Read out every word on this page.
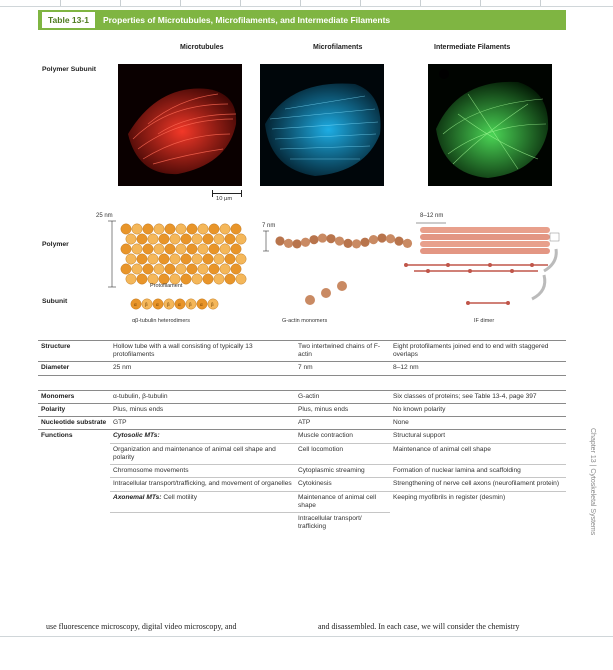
Table 13-1	Properties of Microtubules, Microfilaments, and Intermediate Filaments
Microtubules	Microfilaments	Intermediate Filaments
Polymer Subunit
10 µm
25 nm
Protofilament
α β α β α β α β
αβ-tubulin heterodimers
7 nm
G-actin monomers
8–12 nm
IF dimer
Polymer
Subunit
Structure	Hollow tube with a wall consisting of typically 13 protofilaments	Two intertwined chains of F-actin	Eight protofilaments joined end to end with staggered overlaps
Diameter	25 nm	7 nm	8–12 nm

Monomers	α-tubulin, β-tubulin	G-actin	Six classes of proteins; see Table 13-4, page 397
Polarity	Plus, minus ends	Plus, minus ends	No known polarity
Nucleotide substrate	GTP	ATP	None
Functions	Cytosolic MTs:	Muscle contraction	Structural support
	Organization and maintenance of animal cell shape and polarity	Cell locomotion	Maintenance of animal cell shape
	Chromosome movements	Cytoplasmic streaming	Formation of nuclear lamina and scaffolding
	Intracellular transport/trafficking, and movement of organelles	Cytokinesis	Strengthening of nerve cell axons (neurofilament protein)
	Axonemal MTs: Cell motility	Maintenance of animal cell shape	Keeping myofibrils in register (desmin)
		Intracellular transport/ trafficking		Chapter 13 | Cytoskeletal Systems
use fluorescence microscopy, digital video microscopy, and	and disassembled. In each case, we will consider the chemistry
